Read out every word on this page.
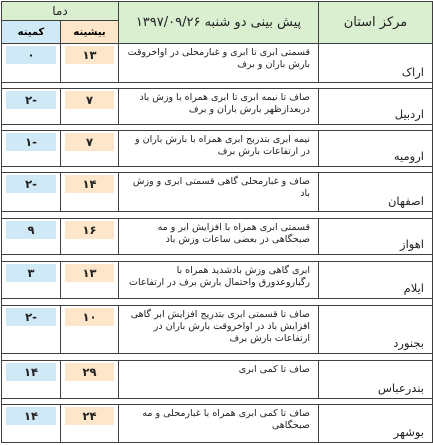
مرکز استان	پیش بینی دو شنبه ۱۳۹۷/۰۹/۲۶	دما	
		بیشینه	کمینه
اراک	قسمتی ابری تا ابری و غبارمحلی در اواخروقت بارش باران و برف	۱۳	۰

اردبیل	صاف تا نیمه ابری تا ابری همراه با وزش باد دربعدازظهر بارش باران و برف	۷	-۲

ارومیه	نیمه ابری بتدریج ابری همراه با بارش باران و در ارتفاعات بارش برف	۷	-۱

اصفهان	صاف و غبارمحلی گاهی قسمتی ابری و وزش باد	۱۴	-۲

اهواز	قسمتی ابری همراه با افزایش ابر و مه صبحگاهی در بعضی ساعات وزش باد	۱۶	۹

ایلام	ابری گاهی وزش بادشدید همراه با رگباروعدورق واحتمال بارش برف در ارتفاعات	۱۳	۳

بجنورد	صاف تا قسمتی ابری بتدریج افزایش ابر گاهی افزایش باد در اواخروقت بارش باران در ارتفاعات بارش برف	۱۰	-۲

بندرعباس	صاف تا کمی ابری	۲۹	۱۴

بوشهر	صاف تا کمی ابری همراه با غبارمحلی و مه صبحگاهی	۲۴	۱۴
